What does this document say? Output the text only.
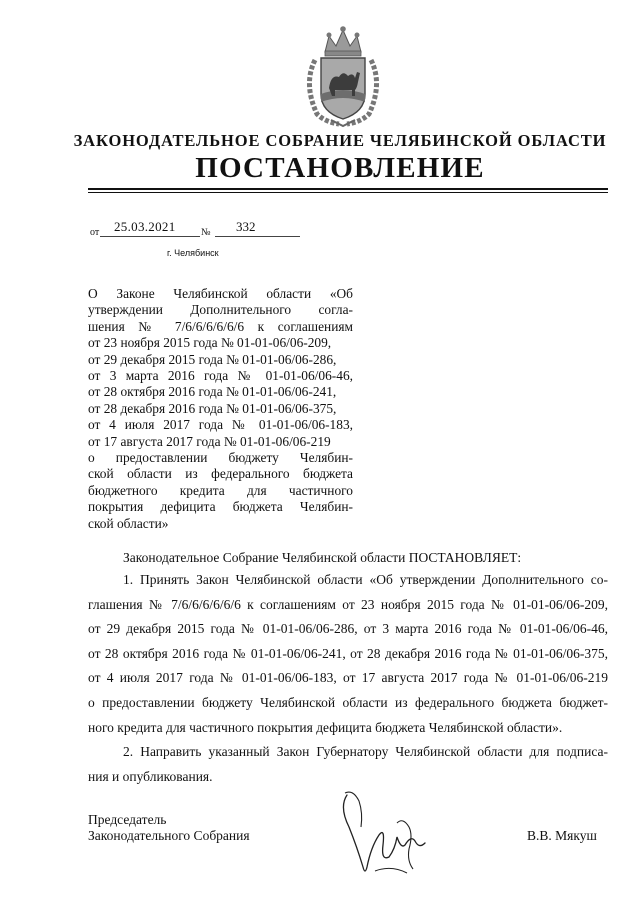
ЗАКОНОДАТЕЛЬНОЕ СОБРАНИЕ ЧЕЛЯБИНСКОЙ ОБЛАСТИ
ПОСТАНОВЛЕНИЕ
от 25.03.2021	№ 332
г. Челябинск
О Законе Челябинской области «Об
утверждении Дополнительного согла-
шения № 7/6/6/6/6/6/6 к соглашениям
от 23 ноября 2015 года № 01-01-06/06-209,
от 29 декабря 2015 года № 01-01-06/06-286,
от 3 марта 2016 года № 01-01-06/06-46,
от 28 октября 2016 года № 01-01-06/06-241,
от 28 декабря 2016 года № 01-01-06/06-375,
от 4 июля 2017 года № 01-01-06/06-183,
от 17 августа 2017 года № 01-01-06/06-219
о предоставлении бюджету Челябин-
ской области из федерального бюджета
бюджетного кредита для частичного
покрытия дефицита бюджета Челябин-
ской области»
Законодательное Собрание Челябинской области ПОСТАНОВЛЯЕТ:
1. Принять Закон Челябинской области «Об утверждении Дополнительного со-
глашения № 7/6/6/6/6/6/6 к соглашениям от 23 ноября 2015 года № 01-01-06/06-209,
от 29 декабря 2015 года № 01-01-06/06-286, от 3 марта 2016 года № 01-01-06/06-46,
от 28 октября 2016 года № 01-01-06/06-241, от 28 декабря 2016 года № 01-01-06/06-375,
от 4 июля 2017 года № 01-01-06/06-183, от 17 августа 2017 года № 01-01-06/06-219
о предоставлении бюджету Челябинской области из федерального бюджета бюджет-
ного кредита для частичного покрытия дефицита бюджета Челябинской области».
2. Направить указанный Закон Губернатору Челябинской области для подписа-
ния и опубликования.
Председатель
Законодательного Собрания	В.В. Мякуш
